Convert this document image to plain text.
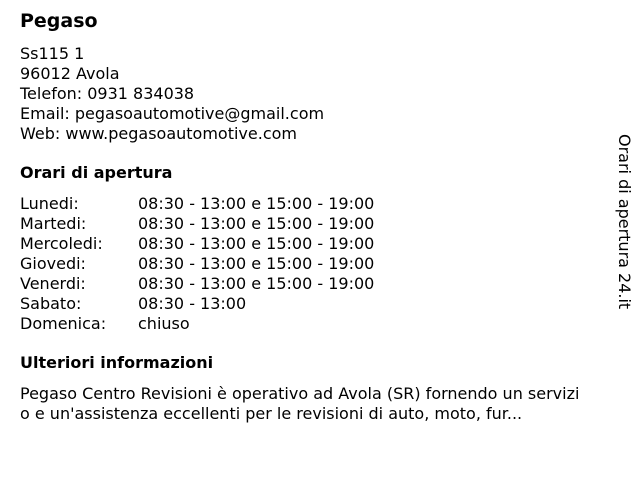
Pegaso
Ss115 1
96012 Avola
Telefon: 0931 834038
Email: pegasoautomotive@gmail.com
Web: www.pegasoautomotive.com
Orari di apertura
Lunedi:	08:30 - 13:00 e 15:00 - 19:00
Martedi:	08:30 - 13:00 e 15:00 - 19:00
Mercoledi:	08:30 - 13:00 e 15:00 - 19:00
Giovedi:	08:30 - 13:00 e 15:00 - 19:00
Venerdi:	08:30 - 13:00 e 15:00 - 19:00
Sabato:	08:30 - 13:00
Domenica:	chiuso
Ulteriori informazioni
Pegaso Centro Revisioni è operativo ad Avola (SR) fornendo un servizio e un'assistenza eccellenti per le revisioni di auto, moto, fur...
Orari di apertura 24.it
